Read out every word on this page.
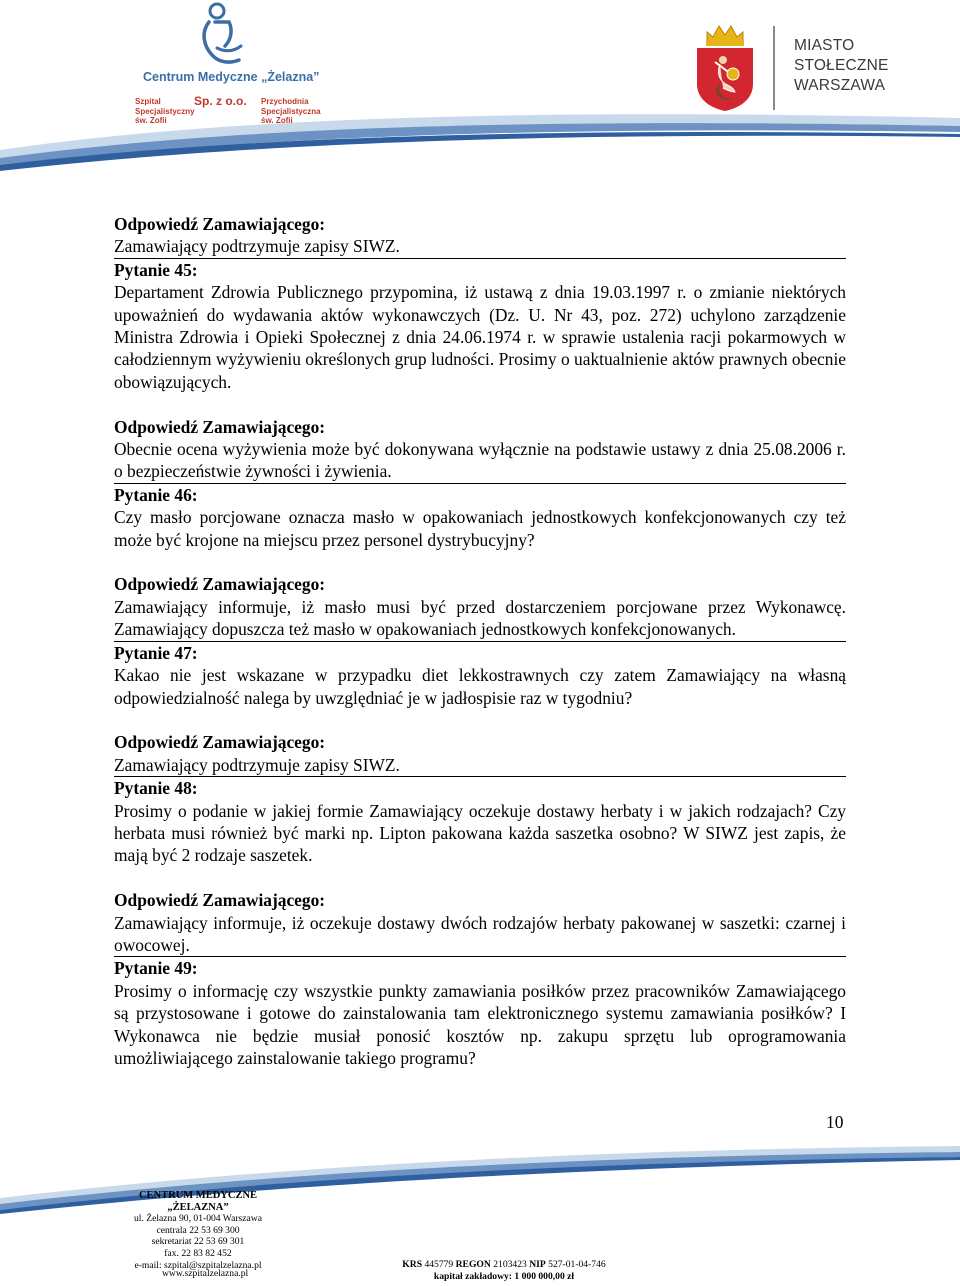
Centrum Medyczne „Żelazna”
Szpital
Specjalistyczny
św. Zofii
Sp. z o.o. Przychodnia
Specjalistyczna
św. Zofii
MIASTO
STOŁECZNE
WARSZAWA
Odpowiedź Zamawiającego:
Zamawiający podtrzymuje zapisy SIWZ.
Pytanie 45:
Departament Zdrowia Publicznego przypomina, iż ustawą z dnia 19.03.1997 r. o zmianie niektórych upoważnień do wydawania aktów wykonawczych (Dz. U. Nr 43, poz. 272) uchylono zarządzenie Ministra Zdrowia i Opieki Społecznej z dnia 24.06.1974 r. w sprawie ustalenia racji pokarmowych w całodziennym wyżywieniu określonych grup ludności. Prosimy o uaktualnienie aktów prawnych obecnie obowiązujących.
Odpowiedź Zamawiającego:
Obecnie ocena wyżywienia może być dokonywana wyłącznie na podstawie ustawy z dnia 25.08.2006 r. o bezpieczeństwie żywności i żywienia.
Pytanie 46:
Czy masło porcjowane oznacza masło w opakowaniach jednostkowych konfekcjonowanych czy też może być krojone na miejscu przez personel dystrybucyjny?
Odpowiedź Zamawiającego:
Zamawiający informuje, iż masło musi być przed dostarczeniem porcjowane przez Wykonawcę. Zamawiający dopuszcza też masło w opakowaniach jednostkowych konfekcjonowanych.
Pytanie 47:
Kakao nie jest wskazane w przypadku diet lekkostrawnych czy zatem Zamawiający na własną odpowiedzialność nalega by uwzględniać je w jadłospisie raz w tygodniu?
Odpowiedź Zamawiającego:
Zamawiający podtrzymuje zapisy SIWZ.
Pytanie 48:
Prosimy o podanie w jakiej formie Zamawiający oczekuje dostawy herbaty i w jakich rodzajach? Czy herbata musi również być marki np. Lipton pakowana każda saszetka osobno? W SIWZ jest zapis, że mają być 2 rodzaje saszetek.
Odpowiedź Zamawiającego:
Zamawiający informuje, iż oczekuje dostawy dwóch rodzajów herbaty pakowanej w saszetki: czarnej i owocowej.
Pytanie 49:
Prosimy o informację czy wszystkie punkty zamawiania posiłków przez pracowników Zamawiającego są przystosowane i gotowe do zainstalowania tam elektronicznego systemu zamawiania posiłków? I Wykonawca nie będzie musiał ponosić kosztów np. zakupu sprzętu lub oprogramowania umożliwiającego zainstalowanie takiego programu?
10
CENTRUM MEDYCZNE „ŻELAZNA”
ul. Żelazna 90, 01-004 Warszawa
centrala 22 53 69 300
sekretariat 22 53 69 301
fax. 22 83 82 452
e-mail: szpital@szpitalzelazna.pl
www.szpitalzelazna.pl
KRS 445779 REGON 2103423 NIP 527-01-04-746
kapitał zakładowy: 1 000 000,00 zł
